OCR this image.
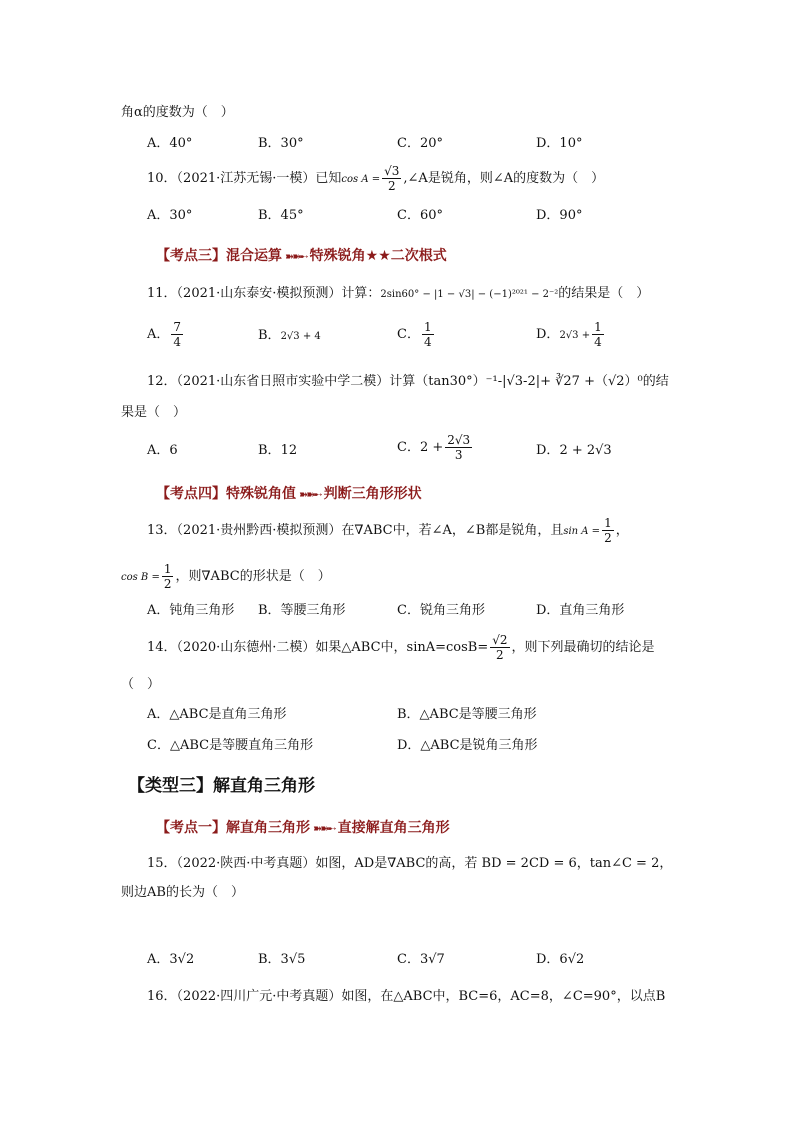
角α的度数为（　）
A．40°	B．30°	C．20°	D．10°
10．（2021·江苏无锡·一模）已知$\cos A = \frac{√3}{2}$ ,∠A是锐角，则∠A的度数为（　）
A．30°	B．45°	C．60°	D．90°
【考点三】混合运算 ➽➽➸ 特殊锐角★★二次根式
11．（2021·山东泰安·模拟预测）计算：2sin60° − |1 − √3| − (−1)²⁰²¹ − 2⁻²的结果是（　）
A． $\frac{7}{4}$	B．2√3 + 4	C． $\frac{1}{4}$	D．$2√3 + \frac{1}{4}$
12．（2021·山东省日照市实验中学二模）计算（tan30°）⁻¹-|√3-2|+ ∛27 +（√2）⁰的结
果是（　）
A．6	B．12	C．$2 + \frac{2√3}{3}$	D．2 + 2√3
【考点四】特殊锐角值 ➽➽➸ 判断三角形形状
13．（2021·贵州黔西·模拟预测）在∇ABC中，若∠A，∠B都是锐角，且$\sin A = \frac{1}{2}$ ，
$\cos B = \frac{1}{2}$ ，则∇ABC的形状是（　）
A．钝角三角形 B．等腰三角形	C．锐角三角形	D．直角三角形
14．（2020·山东德州·二模）如果△ABC中，$\sin A=\cos B= \frac{√2}{2}$ ，则下列最确切的结论是
（　）
A．△ABC是直角三角形	B．△ABC是等腰三角形
C．△ABC是等腰直角三角形	D．△ABC是锐角三角形
【类型三】解直角三角形
【考点一】解直角三角形 ➽➽➸ 直接解直角三角形
15．（2022·陕西·中考真题）如图，AD是∇ABC的高，若 BD = 2CD = 6，tan∠C = 2，
则边AB的长为（　）
A．3√2	B．3√5	C．3√7	D．6√2
16．（2022·四川广元·中考真题）如图，在△ABC中，BC=6，AC=8，∠C=90°，以点B
